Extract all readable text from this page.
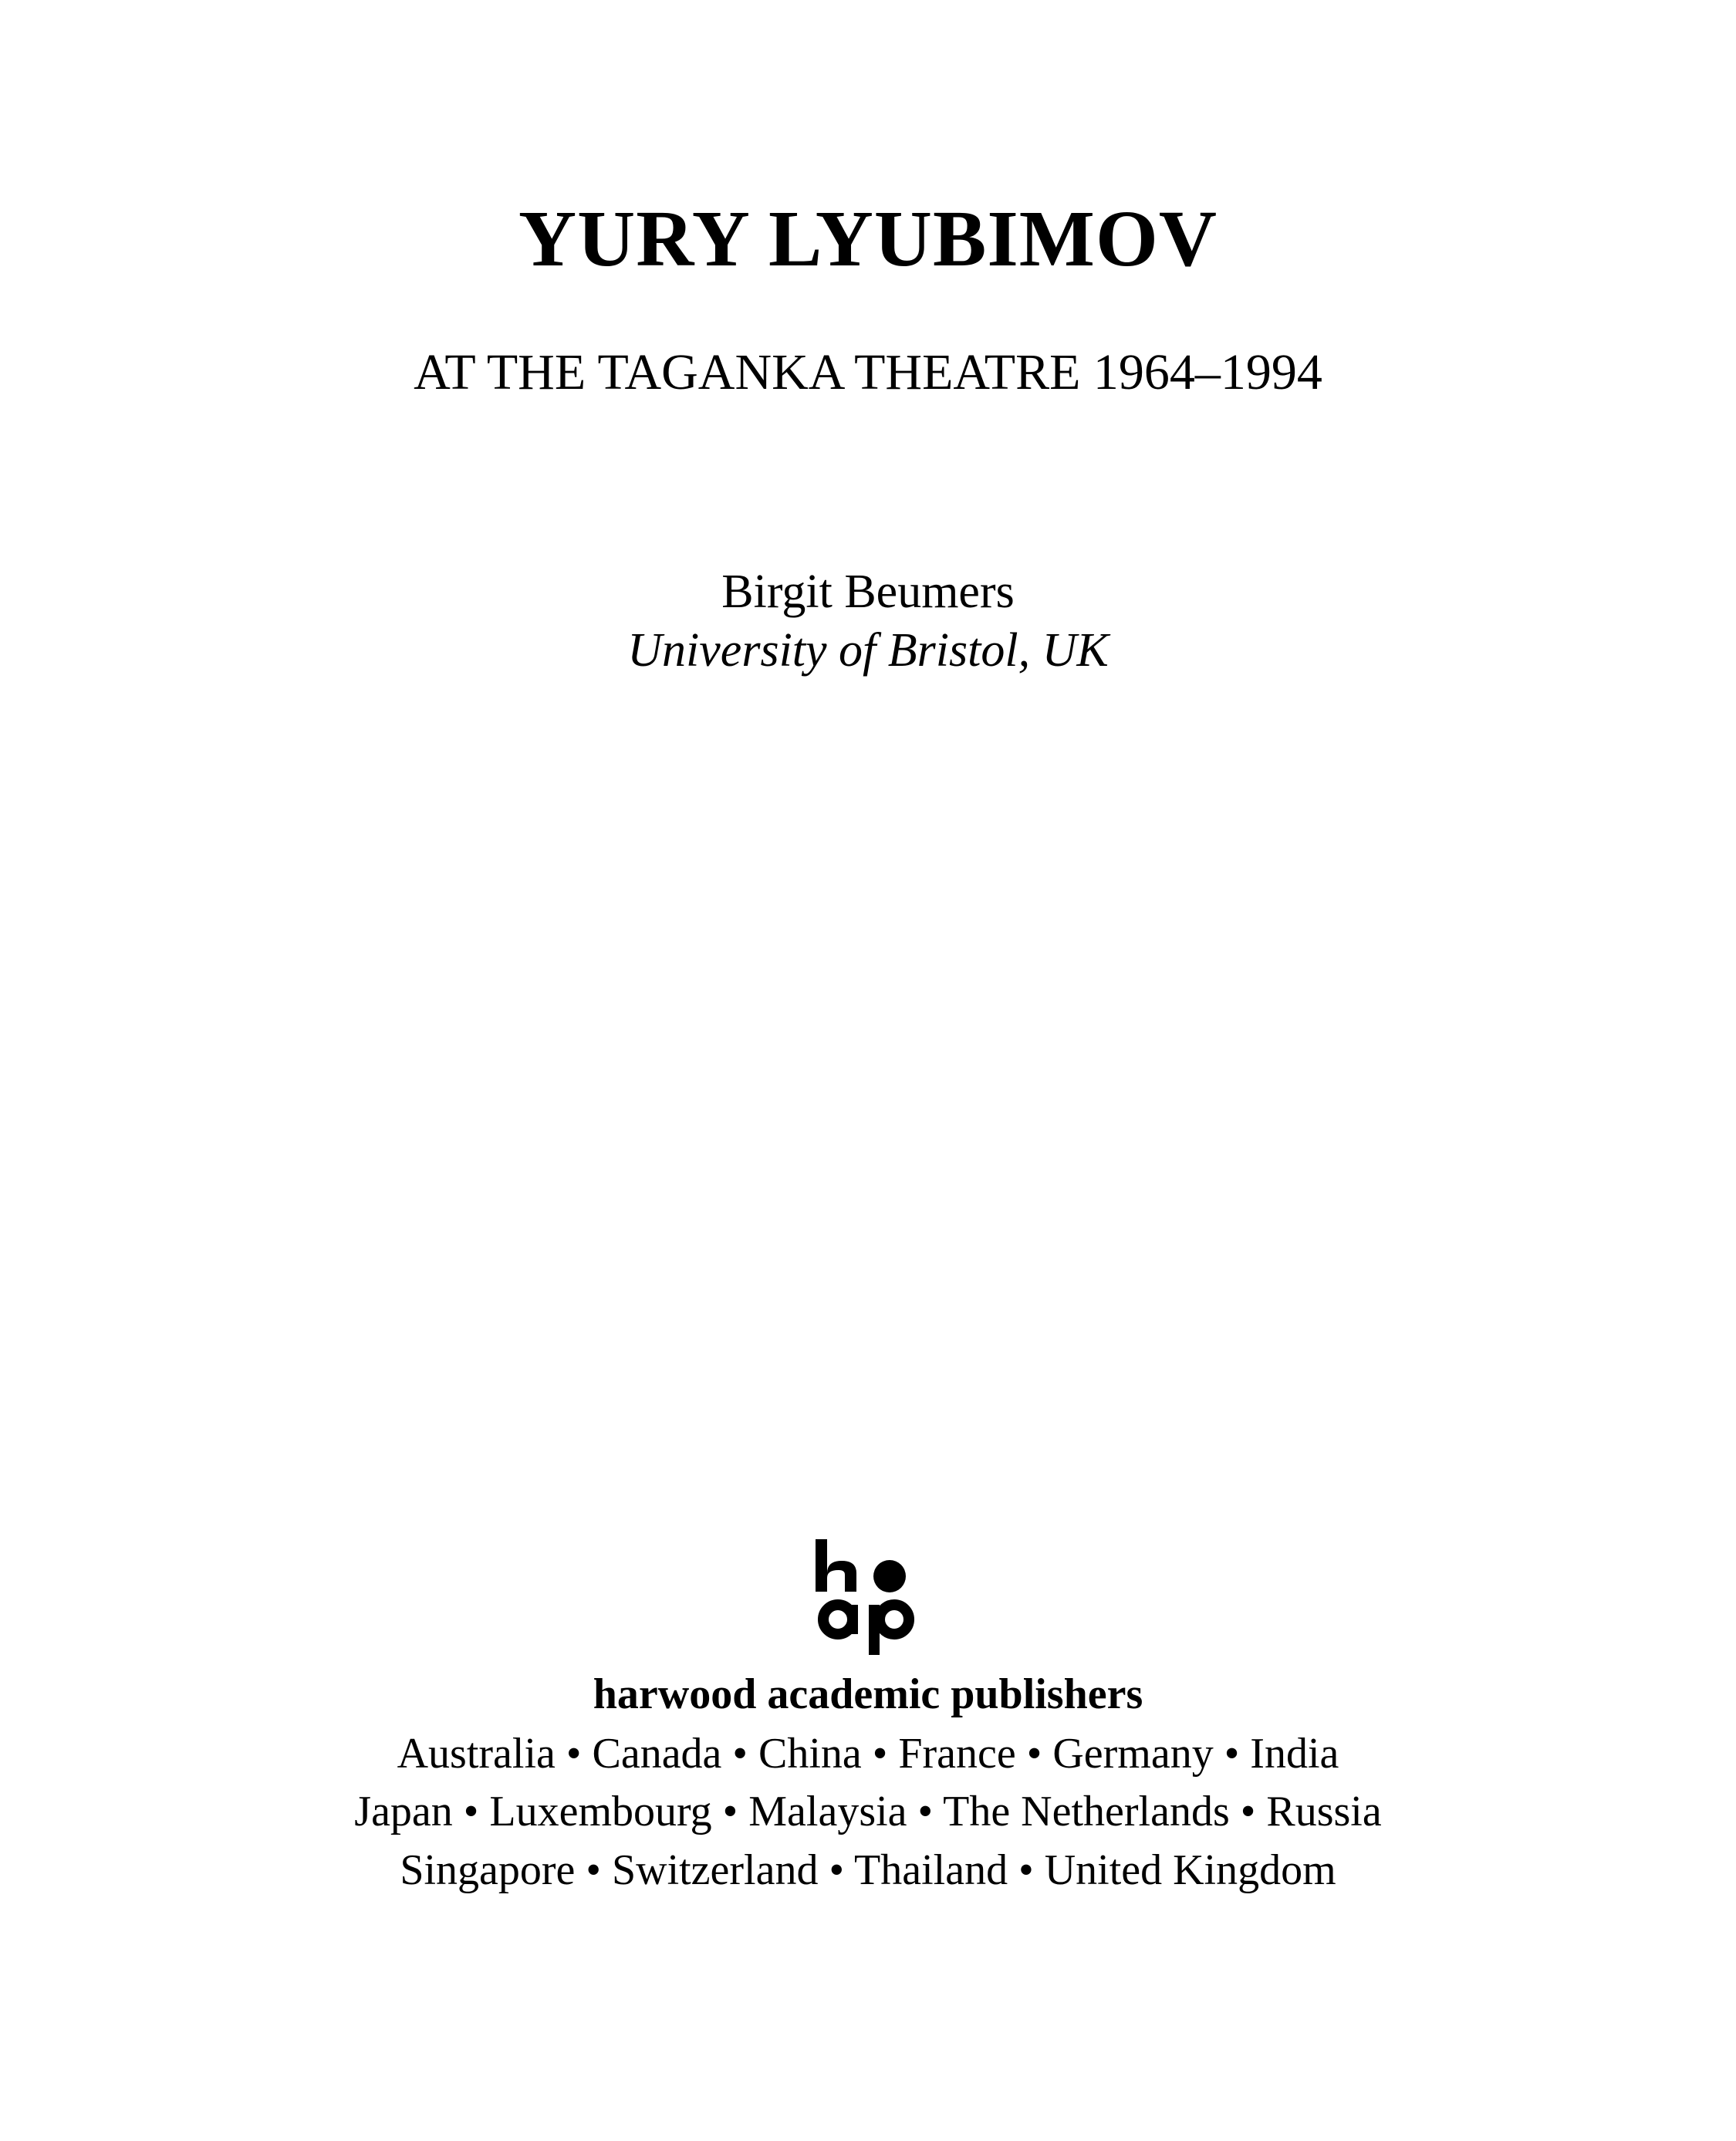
YURY LYUBIMOV
AT THE TAGANKA THEATRE 1964–1994
Birgit Beumers
University of Bristol, UK
harwood academic publishers
Australia • Canada • China • France • Germany • India
Japan • Luxembourg • Malaysia • The Netherlands • Russia
Singapore • Switzerland • Thailand • United Kingdom
